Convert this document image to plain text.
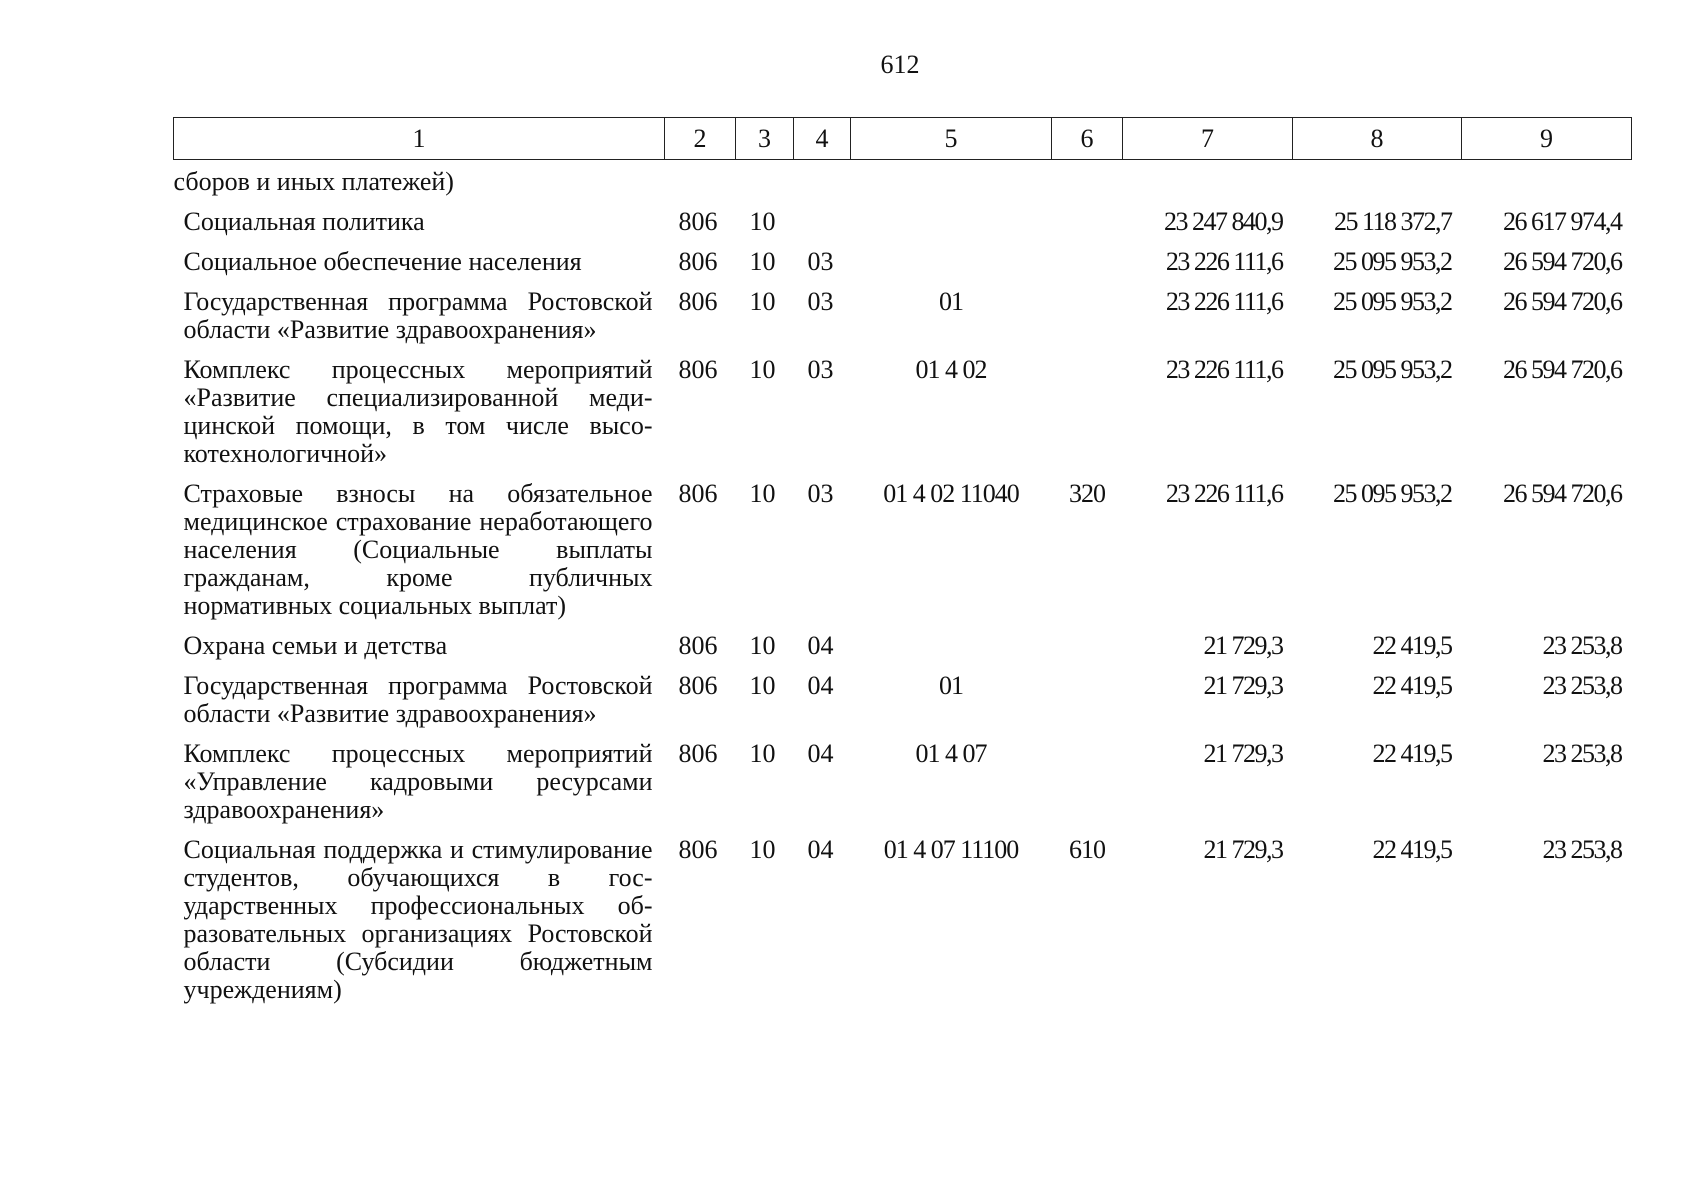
612
1	2	3	4	5	6	7	8	9
сборов и иных платежей)								
Социальная политика	806	10				23 247 840,9	25 118 372,7	26 617 974,4
Социальное обеспечение населения	806	10	03			23 226 111,6	25 095 953,2	26 594 720,6
Государственная программа Ростовской области «Развитие здравоохранения»	806	10	03	01		23 226 111,6	25 095 953,2	26 594 720,6
Комплекс процессных мероприятий «Развитие специализированной медицинской помощи, в том числе высокотехнологичной»	806	10	03	01 4 02		23 226 111,6	25 095 953,2	26 594 720,6
Страховые взносы на обязательное медицинское страхование неработающего населения (Социальные выплаты гражданам, кроме публичных нормативных социальных выплат)	806	10	03	01 4 02 11040	320	23 226 111,6	25 095 953,2	26 594 720,6
Охрана семьи и детства	806	10	04			21 729,3	22 419,5	23 253,8
Государственная программа Ростовской области «Развитие здравоохранения»	806	10	04	01		21 729,3	22 419,5	23 253,8
Комплекс процессных мероприятий «Управление кадровыми ресурсами здравоохранения»	806	10	04	01 4 07		21 729,3	22 419,5	23 253,8
Социальная поддержка и стимулирование студентов, обучающихся в государственных профессиональных образовательных организациях Ростовской области (Субсидии бюджетным учреждениям)	806	10	04	01 4 07 11100	610	21 729,3	22 419,5	23 253,8
